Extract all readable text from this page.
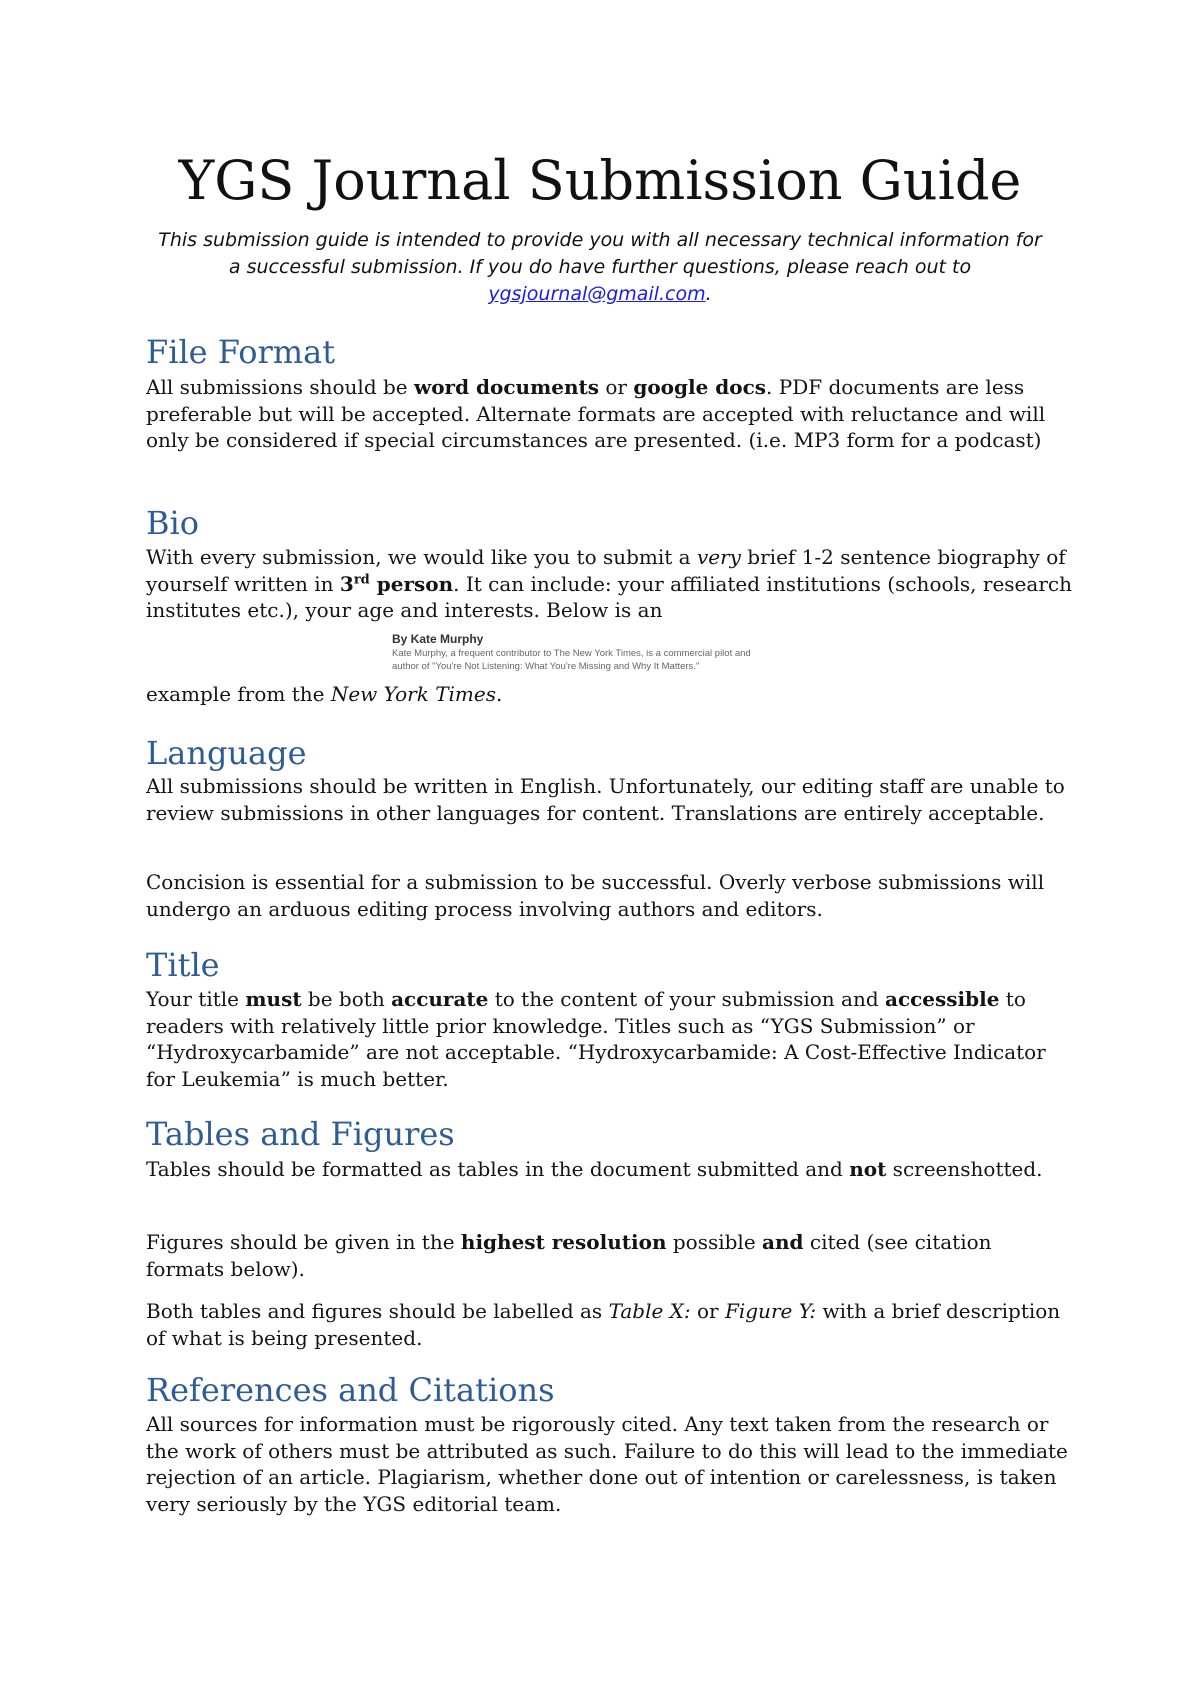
YGS Journal Submission Guide

This submission guide is intended to provide you with all necessary technical information for a successful submission. If you do have further questions, please reach out to ygsjournal@gmail.com.

File Format

All submissions should be word documents or google docs. PDF documents are less preferable but will be accepted. Alternate formats are accepted with reluctance and will only be considered if special circumstances are presented. (i.e. MP3 form for a podcast)

Bio

With every submission, we would like you to submit a very brief 1-2 sentence biography of yourself written in 3rd person. It can include: your affiliated institutions (schools, research institutes etc.), your age and interests. Below is an

By Kate Murphy

Kate Murphy, a frequent contributor to The New York Times, is a commercial pilot and

author of "You're Not Listening: What You're Missing and Why It Matters."

example from the New York Times.

Language

All submissions should be written in English. Unfortunately, our editing staff are unable to review submissions in other languages for content. Translations are entirely acceptable.

Concision is essential for a submission to be successful. Overly verbose submissions will undergo an arduous editing process involving authors and editors.

Title

Your title must be both accurate to the content of your submission and accessible to readers with relatively little prior knowledge. Titles such as “YGS Submission” or “Hydroxycarbamide” are not acceptable. “Hydroxycarbamide: A Cost-Effective Indicator for Leukemia” is much better.

Tables and Figures

Tables should be formatted as tables in the document submitted and not screenshotted.

Figures should be given in the highest resolution possible and cited (see citation formats below).

Both tables and figures should be labelled as Table X: or Figure Y: with a brief description of what is being presented.

References and Citations

All sources for information must be rigorously cited. Any text taken from the research or the work of others must be attributed as such. Failure to do this will lead to the immediate rejection of an article. Plagiarism, whether done out of intention or carelessness, is taken very seriously by the YGS editorial team.
